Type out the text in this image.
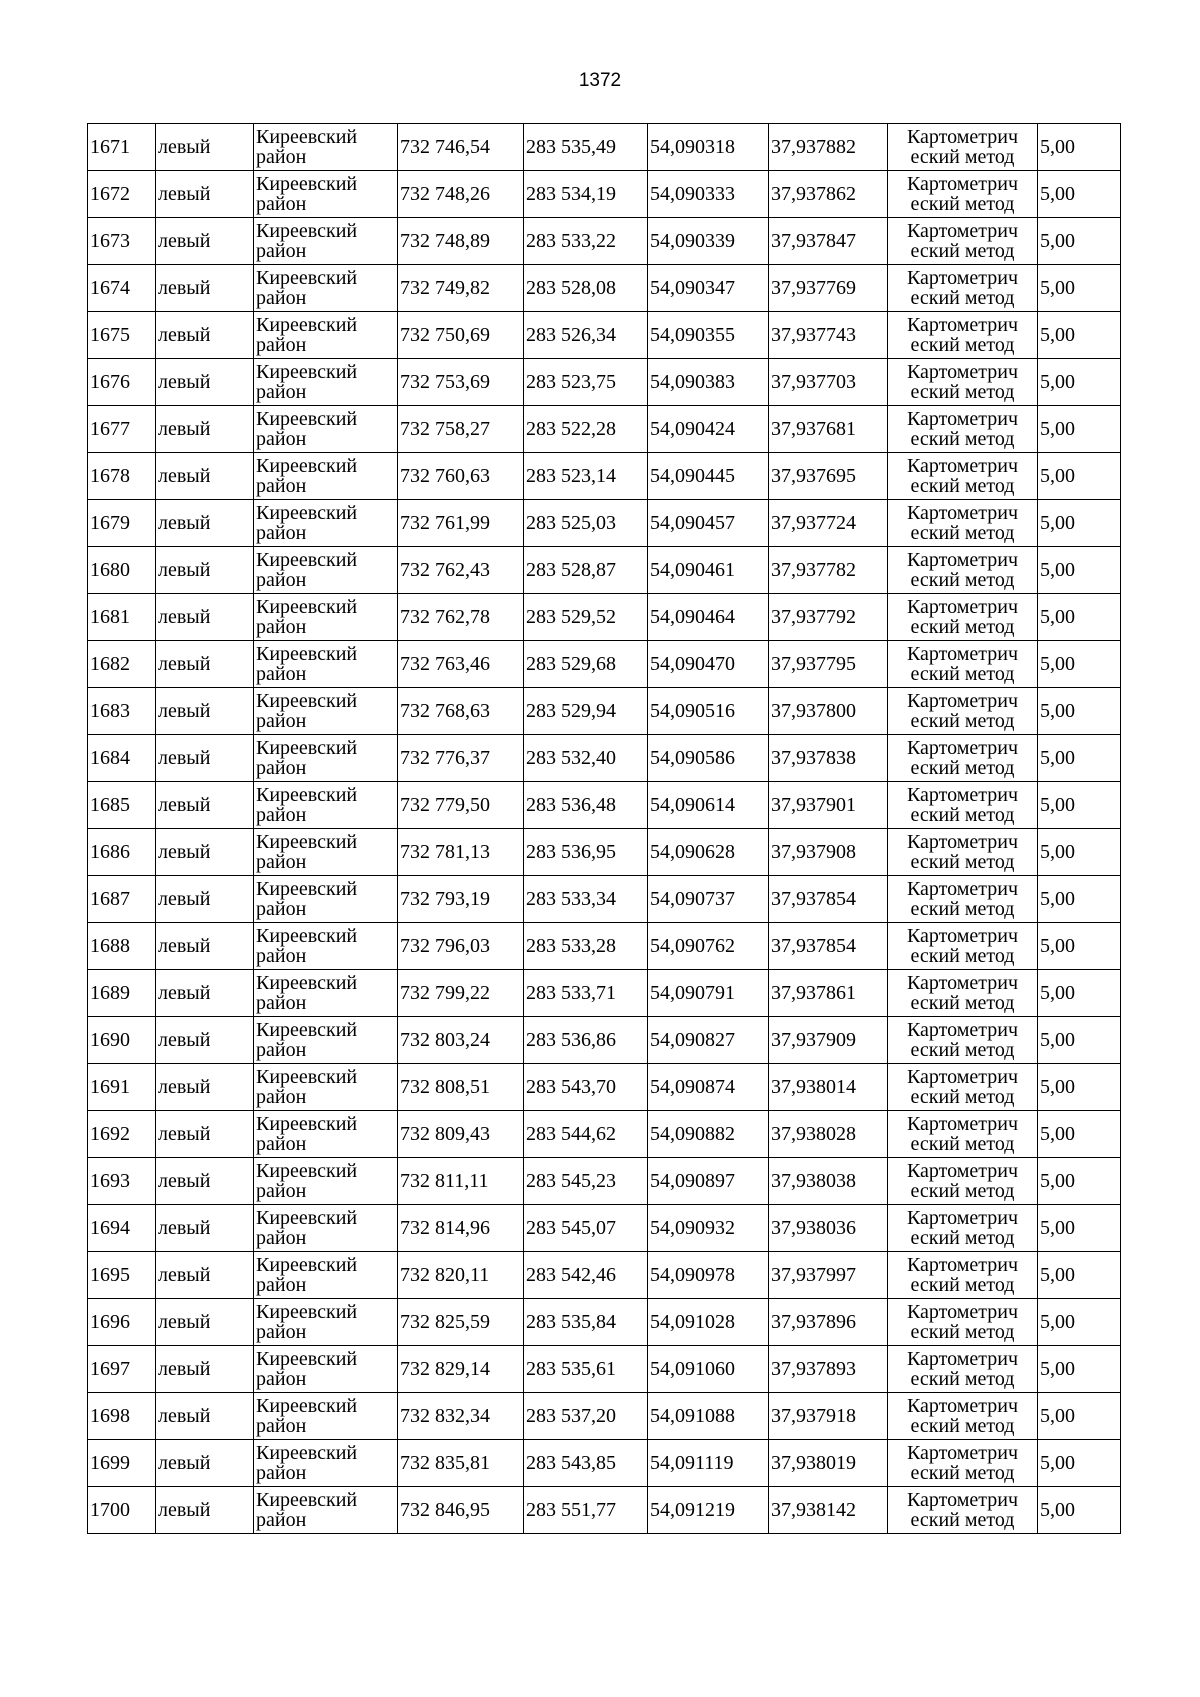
1372
1671	левый	Киреевский район	732 746,54	283 535,49	54,090318	37,937882	Картометрич еский метод	5,00
1672	левый	Киреевский район	732 748,26	283 534,19	54,090333	37,937862	Картометрич еский метод	5,00
1673	левый	Киреевский район	732 748,89	283 533,22	54,090339	37,937847	Картометрич еский метод	5,00
1674	левый	Киреевский район	732 749,82	283 528,08	54,090347	37,937769	Картометрич еский метод	5,00
1675	левый	Киреевский район	732 750,69	283 526,34	54,090355	37,937743	Картометрич еский метод	5,00
1676	левый	Киреевский район	732 753,69	283 523,75	54,090383	37,937703	Картометрич еский метод	5,00
1677	левый	Киреевский район	732 758,27	283 522,28	54,090424	37,937681	Картометрич еский метод	5,00
1678	левый	Киреевский район	732 760,63	283 523,14	54,090445	37,937695	Картометрич еский метод	5,00
1679	левый	Киреевский район	732 761,99	283 525,03	54,090457	37,937724	Картометрич еский метод	5,00
1680	левый	Киреевский район	732 762,43	283 528,87	54,090461	37,937782	Картометрич еский метод	5,00
1681	левый	Киреевский район	732 762,78	283 529,52	54,090464	37,937792	Картометрич еский метод	5,00
1682	левый	Киреевский район	732 763,46	283 529,68	54,090470	37,937795	Картометрич еский метод	5,00
1683	левый	Киреевский район	732 768,63	283 529,94	54,090516	37,937800	Картометрич еский метод	5,00
1684	левый	Киреевский район	732 776,37	283 532,40	54,090586	37,937838	Картометрич еский метод	5,00
1685	левый	Киреевский район	732 779,50	283 536,48	54,090614	37,937901	Картометрич еский метод	5,00
1686	левый	Киреевский район	732 781,13	283 536,95	54,090628	37,937908	Картометрич еский метод	5,00
1687	левый	Киреевский район	732 793,19	283 533,34	54,090737	37,937854	Картометрич еский метод	5,00
1688	левый	Киреевский район	732 796,03	283 533,28	54,090762	37,937854	Картометрич еский метод	5,00
1689	левый	Киреевский район	732 799,22	283 533,71	54,090791	37,937861	Картометрич еский метод	5,00
1690	левый	Киреевский район	732 803,24	283 536,86	54,090827	37,937909	Картометрич еский метод	5,00
1691	левый	Киреевский район	732 808,51	283 543,70	54,090874	37,938014	Картометрич еский метод	5,00
1692	левый	Киреевский район	732 809,43	283 544,62	54,090882	37,938028	Картометрич еский метод	5,00
1693	левый	Киреевский район	732 811,11	283 545,23	54,090897	37,938038	Картометрич еский метод	5,00
1694	левый	Киреевский район	732 814,96	283 545,07	54,090932	37,938036	Картометрич еский метод	5,00
1695	левый	Киреевский район	732 820,11	283 542,46	54,090978	37,937997	Картометрич еский метод	5,00
1696	левый	Киреевский район	732 825,59	283 535,84	54,091028	37,937896	Картометрич еский метод	5,00
1697	левый	Киреевский район	732 829,14	283 535,61	54,091060	37,937893	Картометрич еский метод	5,00
1698	левый	Киреевский район	732 832,34	283 537,20	54,091088	37,937918	Картометрич еский метод	5,00
1699	левый	Киреевский район	732 835,81	283 543,85	54,091119	37,938019	Картометрич еский метод	5,00
1700	левый	Киреевский район	732 846,95	283 551,77	54,091219	37,938142	Картометрич еский метод	5,00
